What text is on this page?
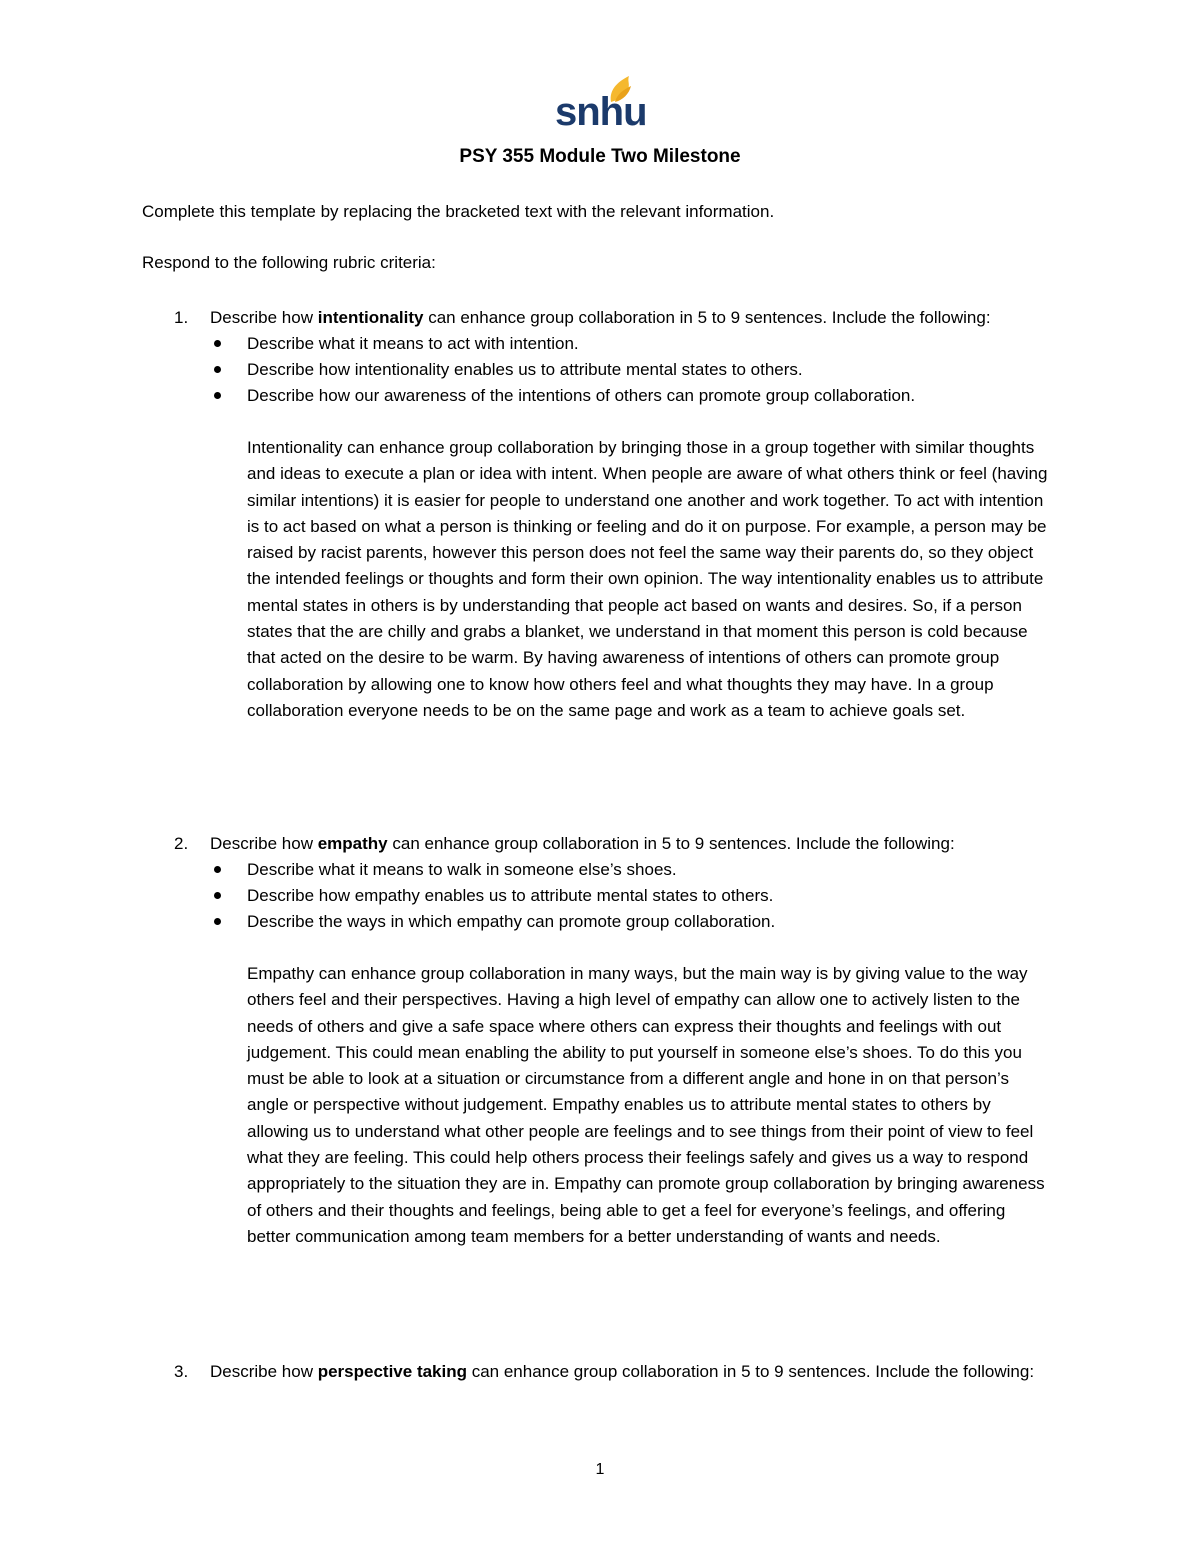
snhu
PSY 355 Module Two Milestone
Complete this template by replacing the bracketed text with the relevant information.
Respond to the following rubric criteria:
1. Describe how intentionality can enhance group collaboration in 5 to 9 sentences. Include the following:
Describe what it means to act with intention.
Describe how intentionality enables us to attribute mental states to others.
Describe how our awareness of the intentions of others can promote group collaboration.
Intentionality can enhance group collaboration by bringing those in a group together with similar thoughts and ideas to execute a plan or idea with intent. When people are aware of what others think or feel (having similar intentions) it is easier for people to understand one another and work together. To act with intention is to act based on what a person is thinking or feeling and do it on purpose. For example, a person may be raised by racist parents, however this person does not feel the same way their parents do, so they object the intended feelings or thoughts and form their own opinion. The way intentionality enables us to attribute mental states in others is by understanding that people act based on wants and desires. So, if a person states that the are chilly and grabs a blanket, we understand in that moment this person is cold because that acted on the desire to be warm. By having awareness of intentions of others can promote group collaboration by allowing one to know how others feel and what thoughts they may have. In a group collaboration everyone needs to be on the same page and work as a team to achieve goals set.
2. Describe how empathy can enhance group collaboration in 5 to 9 sentences. Include the following:
Describe what it means to walk in someone else’s shoes.
Describe how empathy enables us to attribute mental states to others.
Describe the ways in which empathy can promote group collaboration.
Empathy can enhance group collaboration in many ways, but the main way is by giving value to the way others feel and their perspectives. Having a high level of empathy can allow one to actively listen to the needs of others and give a safe space where others can express their thoughts and feelings with out judgement. This could mean enabling the ability to put yourself in someone else’s shoes. To do this you must be able to look at a situation or circumstance from a different angle and hone in on that person’s angle or perspective without judgement. Empathy enables us to attribute mental states to others by allowing us to understand what other people are feelings and to see things from their point of view to feel what they are feeling. This could help others process their feelings safely and gives us a way to respond appropriately to the situation they are in. Empathy can promote group collaboration by bringing awareness of others and their thoughts and feelings, being able to get a feel for everyone’s feelings, and offering better communication among team members for a better understanding of wants and needs.
3. Describe how perspective taking can enhance group collaboration in 5 to 9 sentences. Include the following:
1
